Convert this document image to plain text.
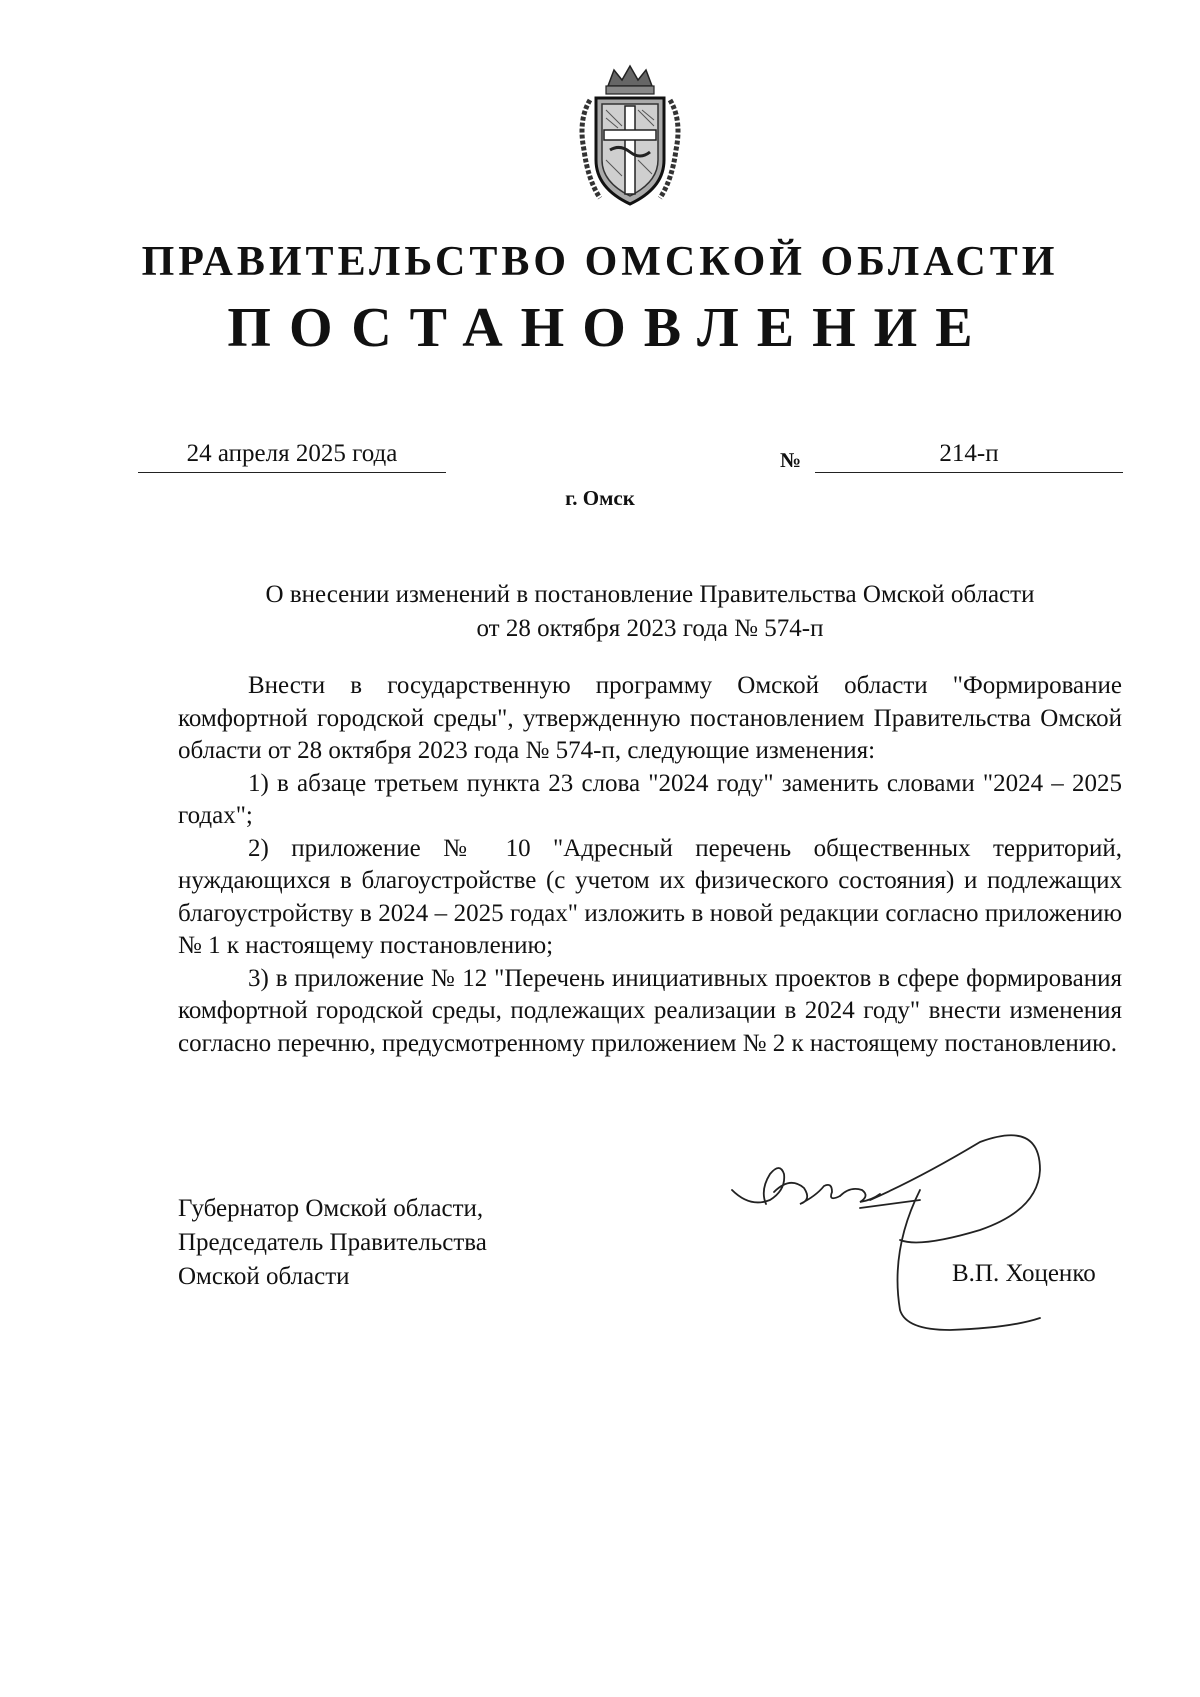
ПРАВИТЕЛЬСТВО ОМСКОЙ ОБЛАСТИ
ПОСТАНОВЛЕНИЕ
24 апреля 2025 года	№	214-п
г. Омск
О внесении изменений в постановление Правительства Омской области
от 28 октября 2023 года № 574-п

Внести в государственную программу Омской области "Формирование комфортной городской среды", утвержденную постановлением Правительства Омской области от 28 октября 2023 года № 574-п, следующие изменения:

1) в абзаце третьем пункта 23 слова "2024 году" заменить словами "2024 – 2025 годах";

2) приложение № 10 "Адресный перечень общественных территорий, нуждающихся в благоустройстве (с учетом их физического состояния) и подлежащих благоустройству в 2024 – 2025 годах" изложить в новой редакции согласно приложению № 1 к настоящему постановлению;

3) в приложение № 12 "Перечень инициативных проектов в сфере формирования комфортной городской среды, подлежащих реализации в 2024 году" внести изменения согласно перечню, предусмотренному приложением № 2 к настоящему постановлению.

Губернатор Омской области,
Председатель Правительства
Омской области	В.П. Хоценко
